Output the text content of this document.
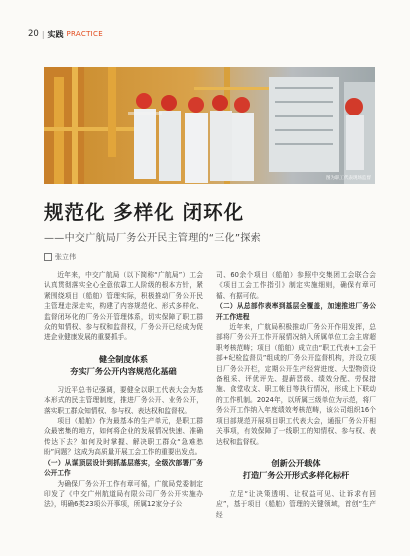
20 | 实践 PRACTICE
图为职工代表现场监督
规范化 多样化 闭环化
——中交广航局厂务公开民主管理的“三化”探索
张立伟

近年来，中交广航局（以下简称“广航局”）工会认真贯彻落实全心全意依靠工人阶级的根本方针，紧紧围绕项目（船舶）管理实际，积极推动厂务公开民主管理走深走实，构建了内容规范化、形式多样化、监督闭环化的厂务公开管理体系，切实保障了职工群众的知情权、参与权和监督权，厂务公开已经成为促进企业健康发展的重要抓手。

健全制度体系
夯实厂务公开内容规范化基础

习近平总书记强调，要健全以职工代表大会为基本形式的民主管理制度，推进厂务公开、业务公开，落实职工群众知情权、参与权、表达权和监督权。

项目（船舶）作为最基本的生产单元，是职工群众最密集的地方，如何将企业的发展情况快速、准确传达下去？如何及时掌握、解决职工群众“急难愁盼”问题？这成为高质量开展工会工作的重要出发点。

（一）从谋顶层设计到抓基层落实，全级次部署厂务公开工作

为确保厂务公开工作有章可循，广航局党委制定印发了《中交广州航道局有限公司厂务公开实施办法》，明确6类23项公开事项，所属12家分子公

司、60余个项目（船舶）参照中交集团工会联合会《项目工会工作指引》制定实施细则，确保有章可循、有据可依。

（二）从总部作表率到基层全覆盖，加速推进厂务公开工作进程

近年来，广航局积极推动厂务公开作用发挥，总部将厂务公开工作开展情况纳入所属单位工会主席超职考核范畴；项目（船舶）成立由“职工代表+工会干部+纪检监督员”组成的厂务公开监督机构，并设立项目厂务公开栏，定期公开生产经营进度、大型物资设备租采、评优评先、提薪晋级、绩效分配、劳保措施、食堂收支、职工帐目等执行情况，形成上下联动的工作机制。2024年，以所属三级单位为示范，将厂务公开工作纳入年度绩效考核范畴，该公司组织16个项目部规范开展项目职工代表大会，通报厂务公开相关事项，有效保障了一线职工的知情权、参与权、表达权和监督权。

创新公开载体
打造厂务公开形式多样化标杆

立足“让决策透明、让权益可见、让诉求有回应”，基于项目（船舶）管理的关键领域，首创“生产经
